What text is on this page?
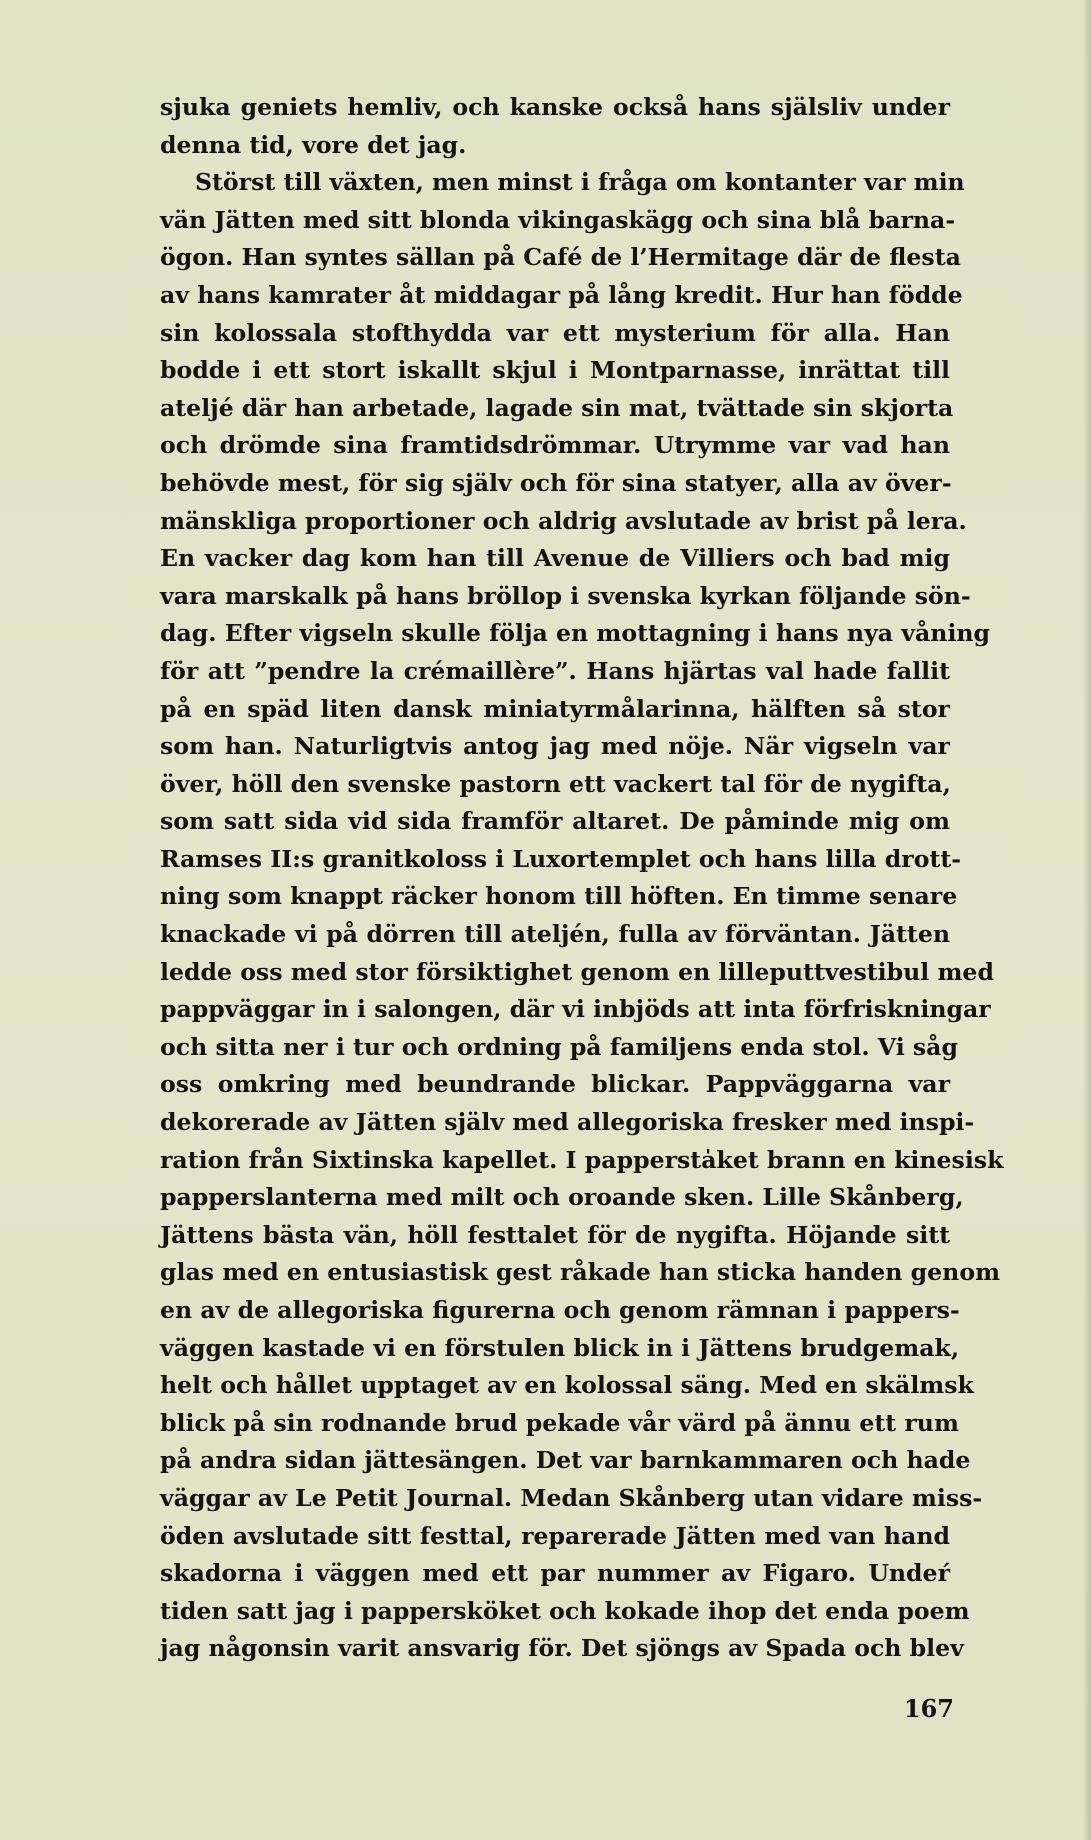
sjuka geniets hemliv, och kanske också hans själsliv under
denna tid, vore det jag.
Störst till växten, men minst i fråga om kontanter var min
vän Jätten med sitt blonda vikingaskägg och sina blå barna-
ögon. Han syntes sällan på Café de l’Hermitage där de flesta
av hans kamrater åt middagar på lång kredit. Hur han födde
sin kolossala stofthydda var ett mysterium för alla. Han
bodde i ett stort iskallt skjul i Montparnasse, inrättat till
ateljé där han arbetade, lagade sin mat, tvättade sin skjorta
och drömde sina framtidsdrömmar. Utrymme var vad han
behövde mest, för sig själv och för sina statyer, alla av över-
mänskliga proportioner och aldrig avslutade av brist på lera.
En vacker dag kom han till Avenue de Villiers och bad mig
vara marskalk på hans bröllop i svenska kyrkan följande sön-
dag. Efter vigseln skulle följa en mottagning i hans nya våning
för att ”pendre la crémaillère”. Hans hjärtas val hade fallit
på en späd liten dansk miniatyrmålarinna, hälften så stor
som han. Naturligtvis antog jag med nöje. När vigseln var
över, höll den svenske pastorn ett vackert tal för de nygifta,
som satt sida vid sida framför altaret. De påminde mig om
Ramses II:s granitkoloss i Luxortemplet och hans lilla drott-
ning som knappt räcker honom till höften. En timme senare
knackade vi på dörren till ateljén, fulla av förväntan. Jätten
ledde oss med stor försiktighet genom en lilleputtvestibul med
pappväggar in i salongen, där vi inbjöds att inta förfriskningar
och sitta ner i tur och ordning på familjens enda stol. Vi såg
oss omkring med beundrande blickar. Pappväggarna var
dekorerade av Jätten själv med allegoriska fresker med inspi-
ration från Sixtinska kapellet. I pappersta̍ket brann en kinesisk
papperslanterna med milt och oroande sken. Lille Skånberg,
Jättens bästa vän, höll festtalet för de nygifta. Höjande sitt
glas med en entusiastisk gest råkade han sticka handen genom
en av de allegoriska figurerna och genom rämnan i pappers-
väggen kastade vi en förstulen blick in i Jättens brudgemak,
helt och hållet upptaget av en kolossal säng. Med en skälmsk
blick på sin rodnande brud pekade vår värd på ännu ett rum
på andra sidan jättesängen. Det var barnkammaren och hade
väggar av Le Petit Journal. Medan Skånberg utan vidare miss-
öden avslutade sitt festtal, reparerade Jätten med van hand
skadorna i väggen med ett par nummer av Figaro. Undeŕ
tiden satt jag i pappersköket och kokade ihop det enda poem
jag någonsin varit ansvarig för. Det sjöngs av Spada och blev
167
